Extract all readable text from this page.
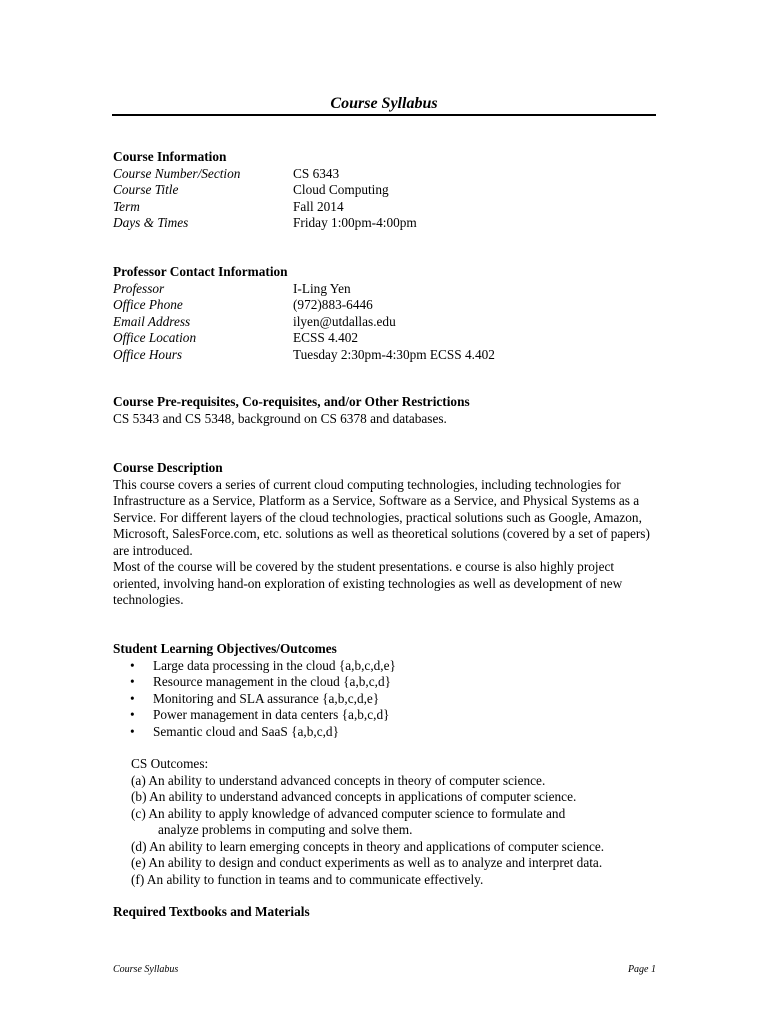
Course Syllabus
Course Information
Course Number/Section	CS 6343
Course Title	Cloud Computing
Term	Fall 2014
Days & Times	Friday 1:00pm-4:00pm
Professor Contact Information
Professor	I-Ling Yen
Office Phone	(972)883-6446
Email Address	ilyen@utdallas.edu
Office Location	ECSS 4.402
Office Hours	Tuesday 2:30pm-4:30pm ECSS 4.402
Course Pre-requisites, Co-requisites, and/or Other Restrictions

CS 5343 and CS 5348, background on CS 6378 and databases.

Course Description

This course covers a series of current cloud computing technologies, including technologies for Infrastructure as a Service, Platform as a Service, Software as a Service, and Physical Systems as a Service. For different layers of the cloud technologies, practical solutions such as Google, Amazon, Microsoft, SalesForce.com, etc. solutions as well as theoretical solutions (covered by a set of papers) are introduced.

Most of the course will be covered by the student presentations. e course is also highly project oriented, involving hand-on exploration of existing technologies as well as development of new technologies.

Student Learning Objectives/Outcomes
• Large data processing in the cloud {a,b,c,d,e}
• Resource management in the cloud {a,b,c,d}
• Monitoring and SLA assurance {a,b,c,d,e}
• Power management in data centers {a,b,c,d}
• Semantic cloud and SaaS {a,b,c,d}
CS Outcomes:
(a) An ability to understand advanced concepts in theory of computer science.
(b) An ability to understand advanced concepts in applications of computer science.
(c) An ability to apply knowledge of advanced computer science to formulate and
analyze problems in computing and solve them.
(d) An ability to learn emerging concepts in theory and applications of computer science.
(e) An ability to design and conduct experiments as well as to analyze and interpret data.
(f) An ability to function in teams and to communicate effectively.
Required Textbooks and Materials
Course Syllabus	Page 1
